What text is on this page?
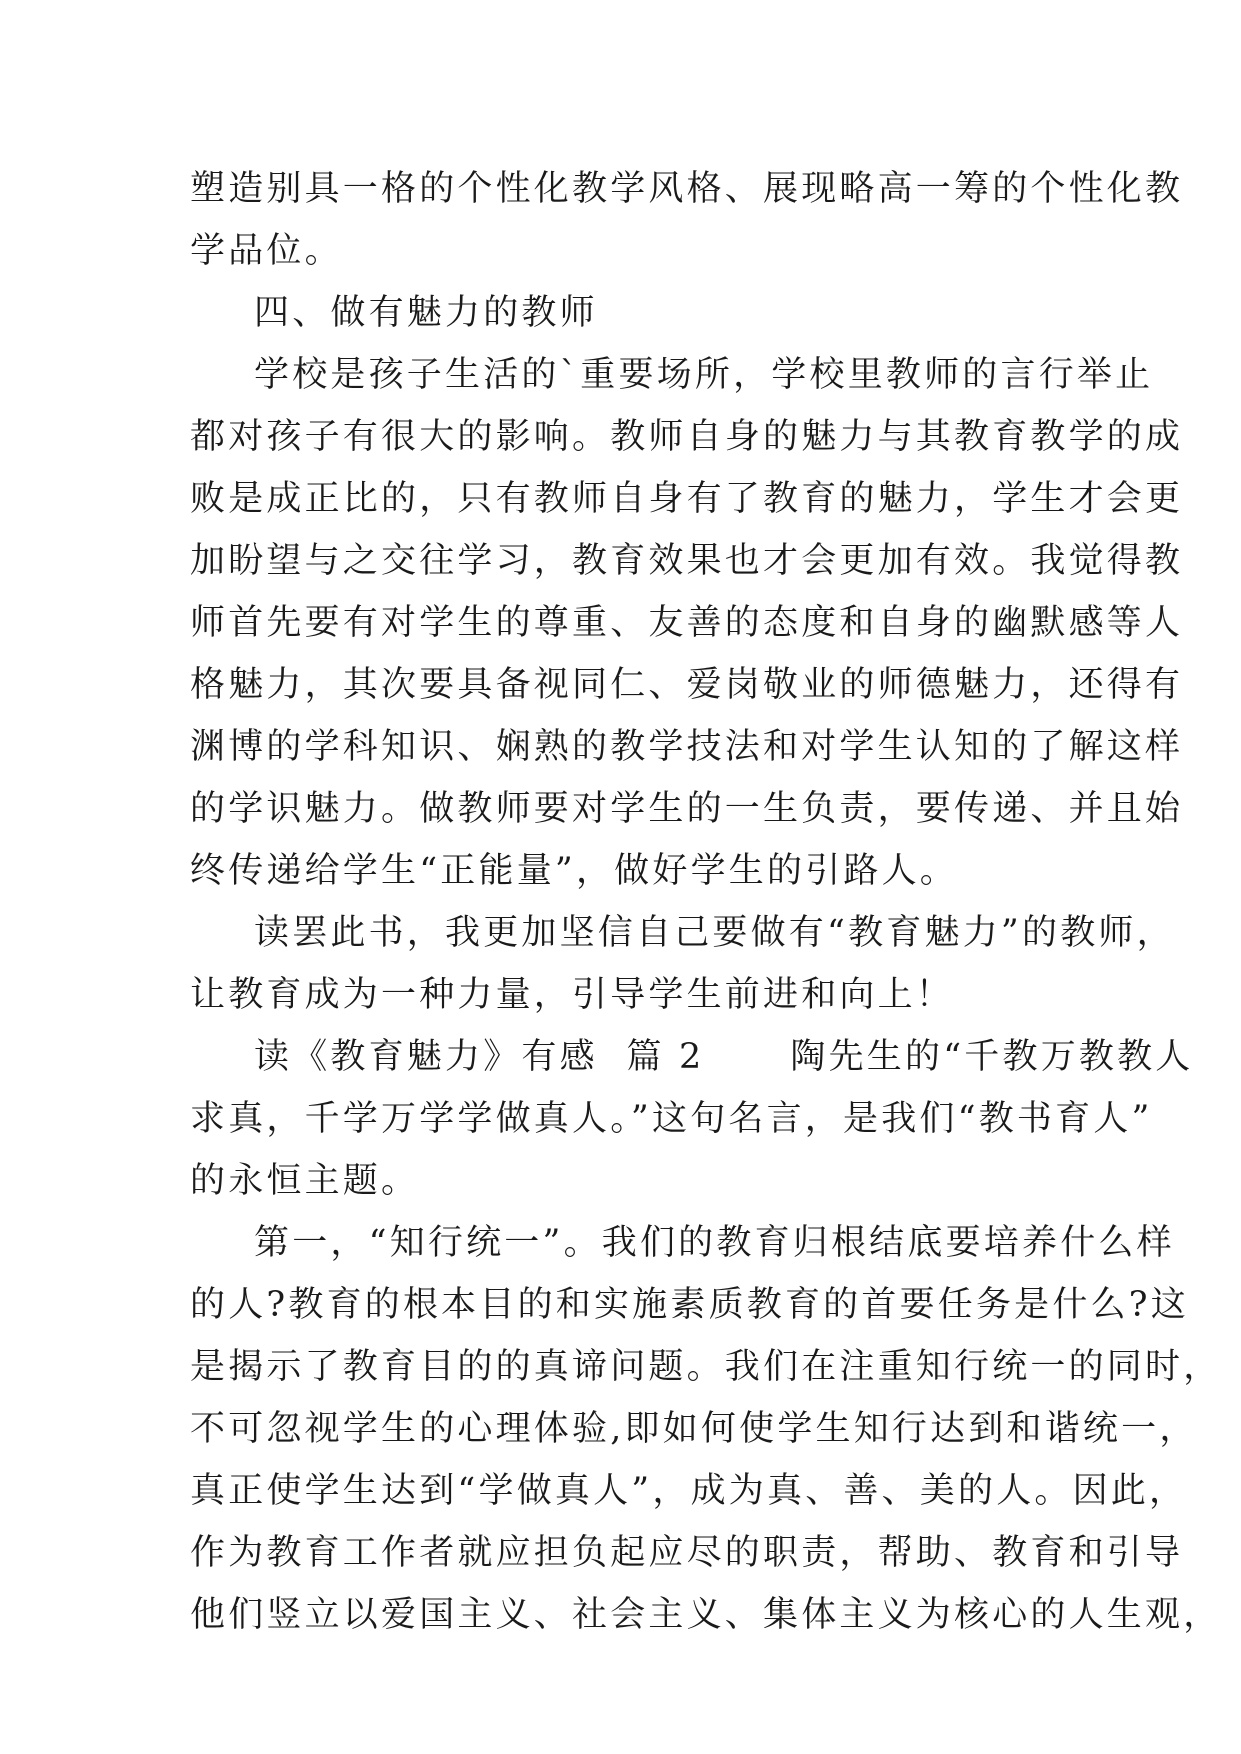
塑造别具一格的个性化教学风格、展现略高一筹的个性化教
学品位。

四、做有魅力的教师

学校是孩子生活的`重要场所，学校里教师的言行举止
都对孩子有很大的影响。教师自身的魅力与其教育教学的成
败是成正比的，只有教师自身有了教育的魅力，学生才会更
加盼望与之交往学习，教育效果也才会更加有效。我觉得教
师首先要有对学生的尊重、友善的态度和自身的幽默感等人
格魅力，其次要具备视同仁、爱岗敬业的师德魅力，还得有
渊博的学科知识、娴熟的教学技法和对学生认知的了解这样
的学识魅力。做教师要对学生的一生负责，要传递、并且始
终传递给学生“正能量”，做好学生的引路人。

读罢此书，我更加坚信自己要做有“教育魅力”的教师，
让教育成为一种力量，引导学生前进和向上！

读《教育魅力》有感  篇 2      陶先生的“千教万教教人
求真，千学万学学做真人。”这句名言，是我们“教书育人”
的永恒主题。

第一，“知行统一”。我们的教育归根结底要培养什么样
的人?教育的根本目的和实施素质教育的首要任务是什么?这
是揭示了教育目的的真谛问题。我们在注重知行统一的同时，
不可忽视学生的心理体验,即如何使学生知行达到和谐统一，
真正使学生达到“学做真人”，成为真、善、美的人。因此，
作为教育工作者就应担负起应尽的职责，帮助、教育和引导
他们竖立以爱国主义、社会主义、集体主义为核心的人生观，
